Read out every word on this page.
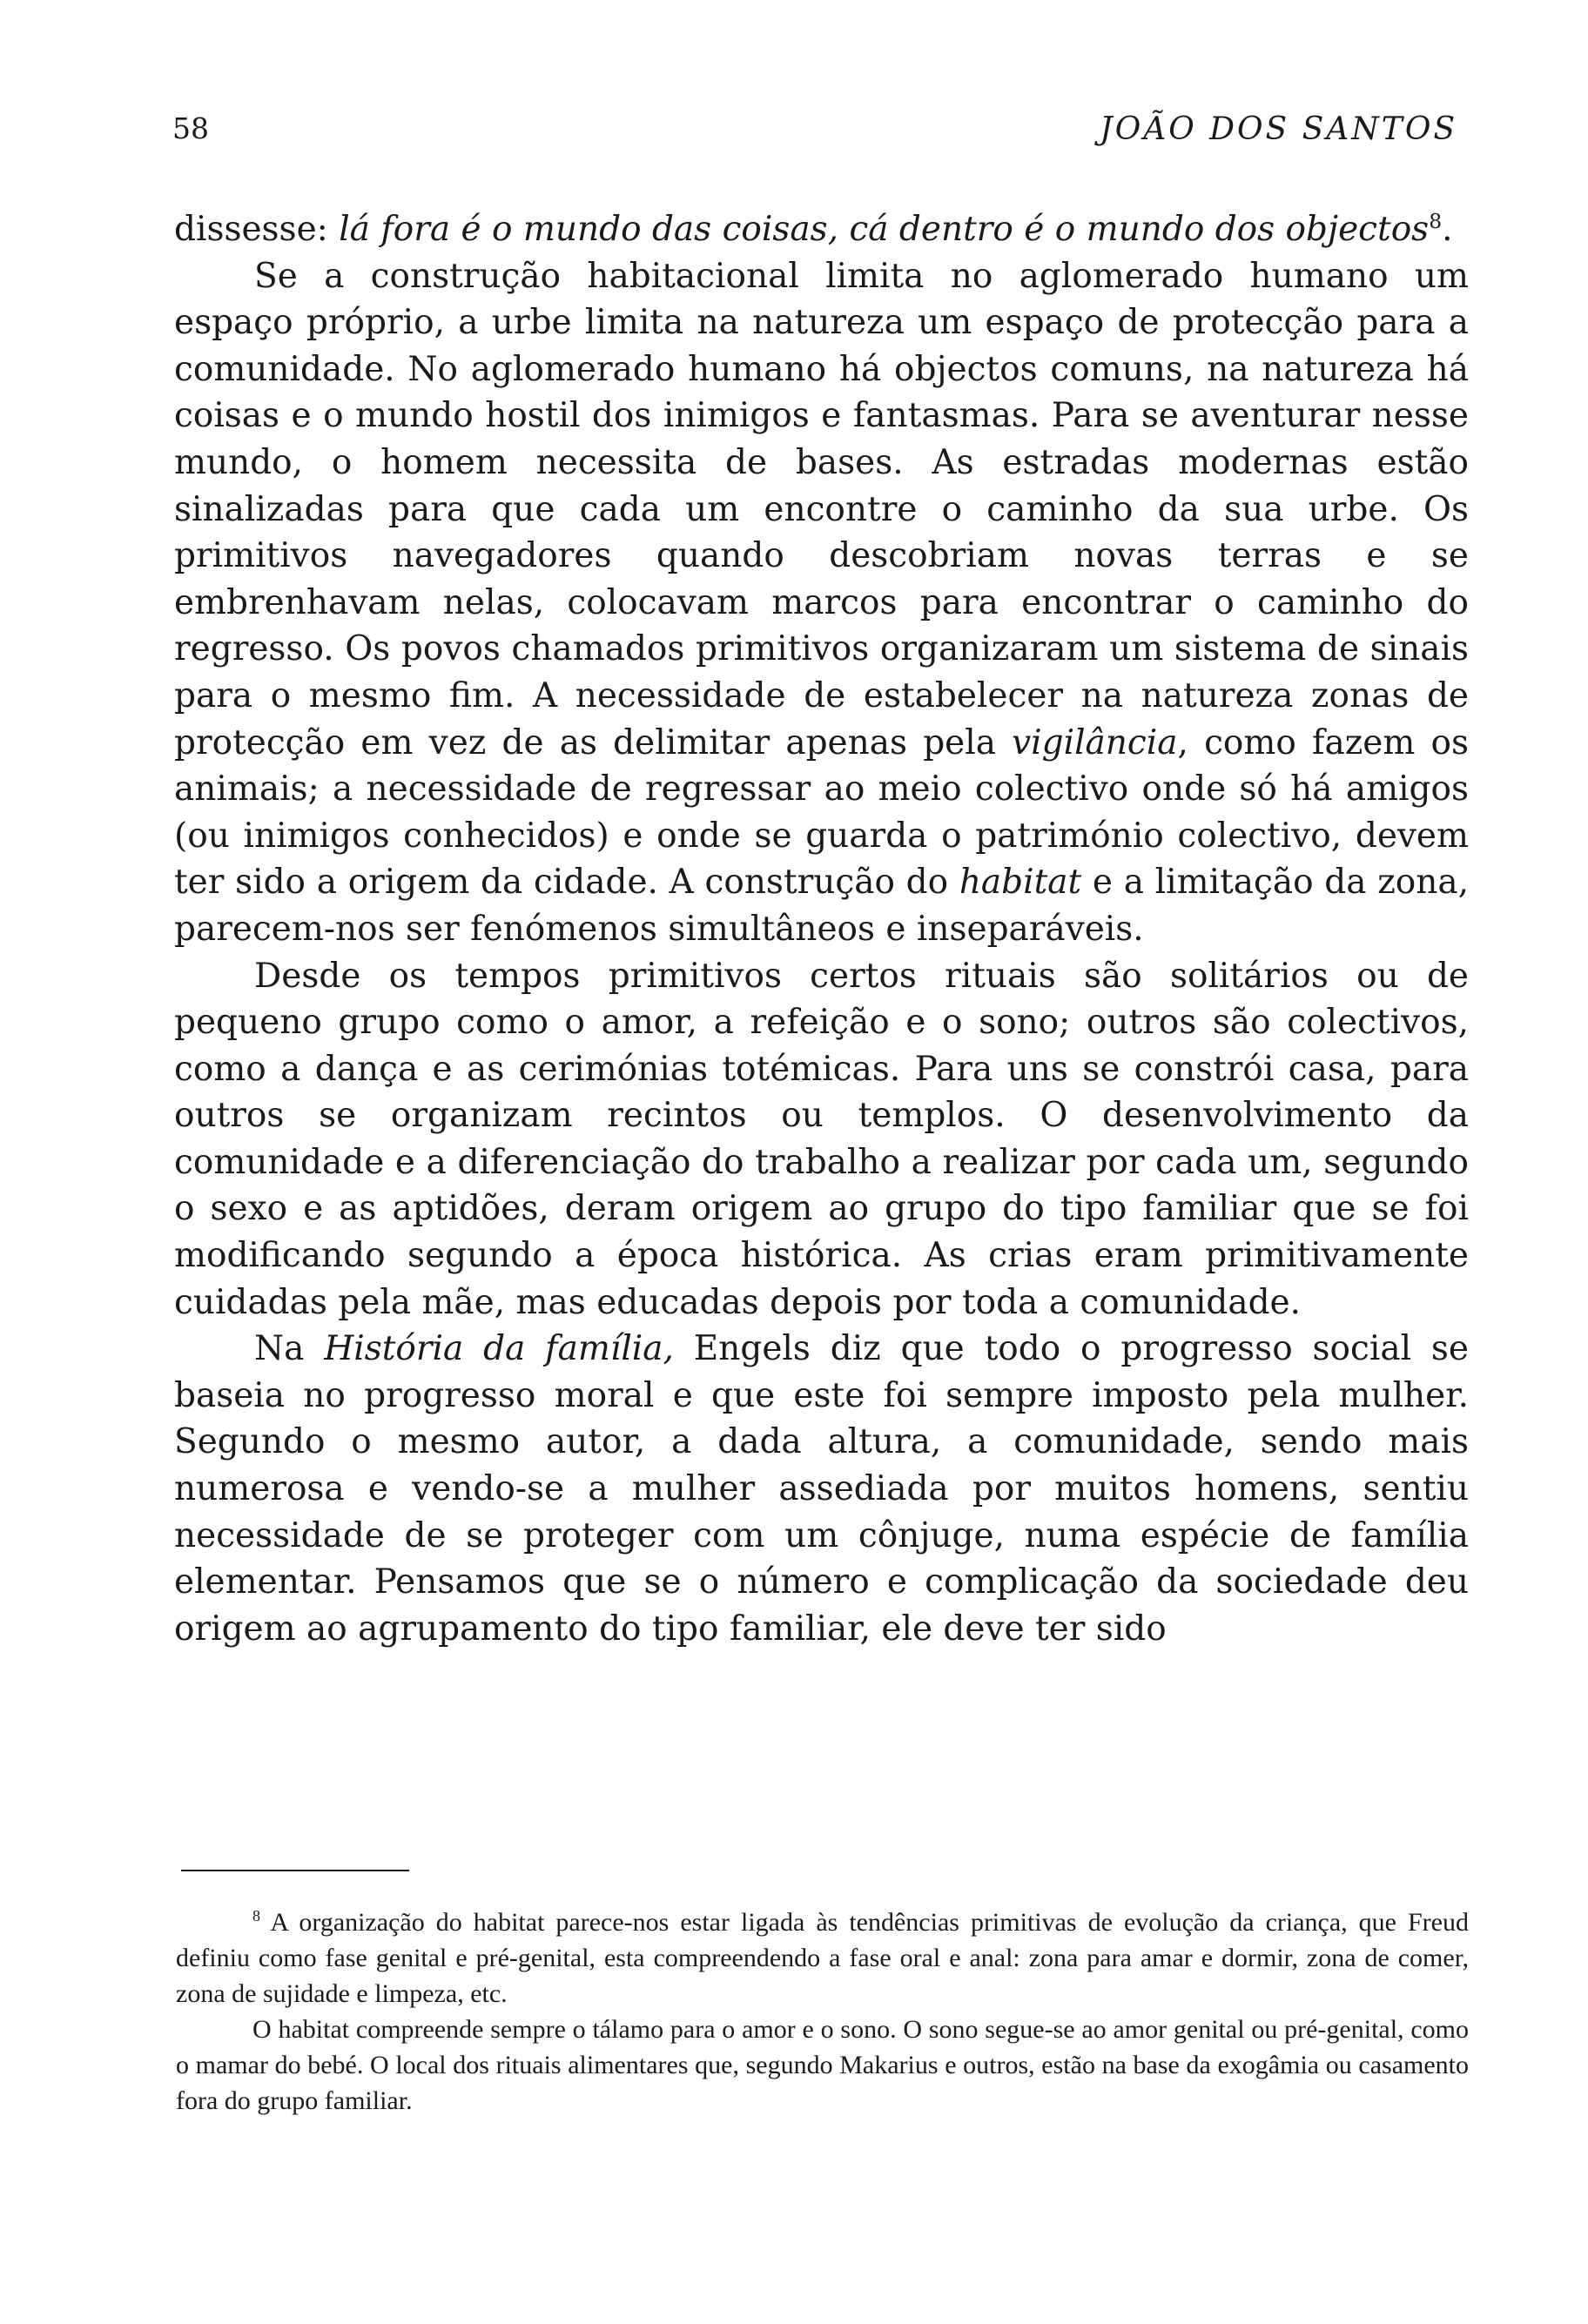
58	JOÃO DOS SANTOS

dissesse: lá fora é o mundo das coisas, cá dentro é o mundo dos objectos$^8$.

Se a construção habitacional limita no aglomerado humano um espaço próprio, a urbe limita na natureza um espaço de protecção para a comunidade. No aglomerado humano há objectos comuns, na natureza há coisas e o mundo hostil dos inimigos e fantasmas. Para se aventurar nesse mundo, o homem necessita de bases. As estradas modernas estão sinalizadas para que cada um encontre o caminho da sua urbe. Os primitivos navegadores quando descobriam novas terras e se embrenhavam nelas, colocavam marcos para encontrar o caminho do regresso. Os povos chamados primitivos organizaram um sistema de sinais para o mesmo fim. A necessidade de estabelecer na natureza zonas de protecção em vez de as delimitar apenas pela vigilância, como fazem os animais; a necessidade de regressar ao meio colectivo onde só há amigos (ou inimigos conhecidos) e onde se guarda o património colectivo, devem ter sido a origem da cidade. A construção do habitat e a limitação da zona, parecem-nos ser fenómenos simultâneos e inseparáveis.

Desde os tempos primitivos certos rituais são solitários ou de pequeno grupo como o amor, a refeição e o sono; outros são colectivos, como a dança e as cerimónias totémicas. Para uns se constrói casa, para outros se organizam recintos ou templos. O desenvolvimento da comunidade e a diferenciação do trabalho a realizar por cada um, segundo o sexo e as aptidões, deram origem ao grupo do tipo familiar que se foi modificando segundo a época histórica. As crias eram primitivamente cuidadas pela mãe, mas educadas depois por toda a comunidade.

Na História da família, Engels diz que todo o progresso social se baseia no progresso moral e que este foi sempre imposto pela mulher. Segundo o mesmo autor, a dada altura, a comunidade, sendo mais numerosa e vendo-se a mulher assediada por muitos homens, sentiu necessidade de se proteger com um cônjuge, numa espécie de família elementar. Pensamos que se o número e complicação da sociedade deu origem ao agrupamento do tipo familiar, ele deve ter sido

$^8$ A organização do habitat parece-nos estar ligada às tendências primitivas de evolução da criança, que Freud definiu como fase genital e pré-genital, esta compreendendo a fase oral e anal: zona para amar e dormir, zona de comer, zona de sujidade e limpeza, etc.

O habitat compreende sempre o tálamo para o amor e o sono. O sono segue-se ao amor genital ou pré-genital, como o mamar do bebé. O local dos rituais alimentares que, segundo Makarius e outros, estão na base da exogâmia ou casamento fora do grupo familiar.
